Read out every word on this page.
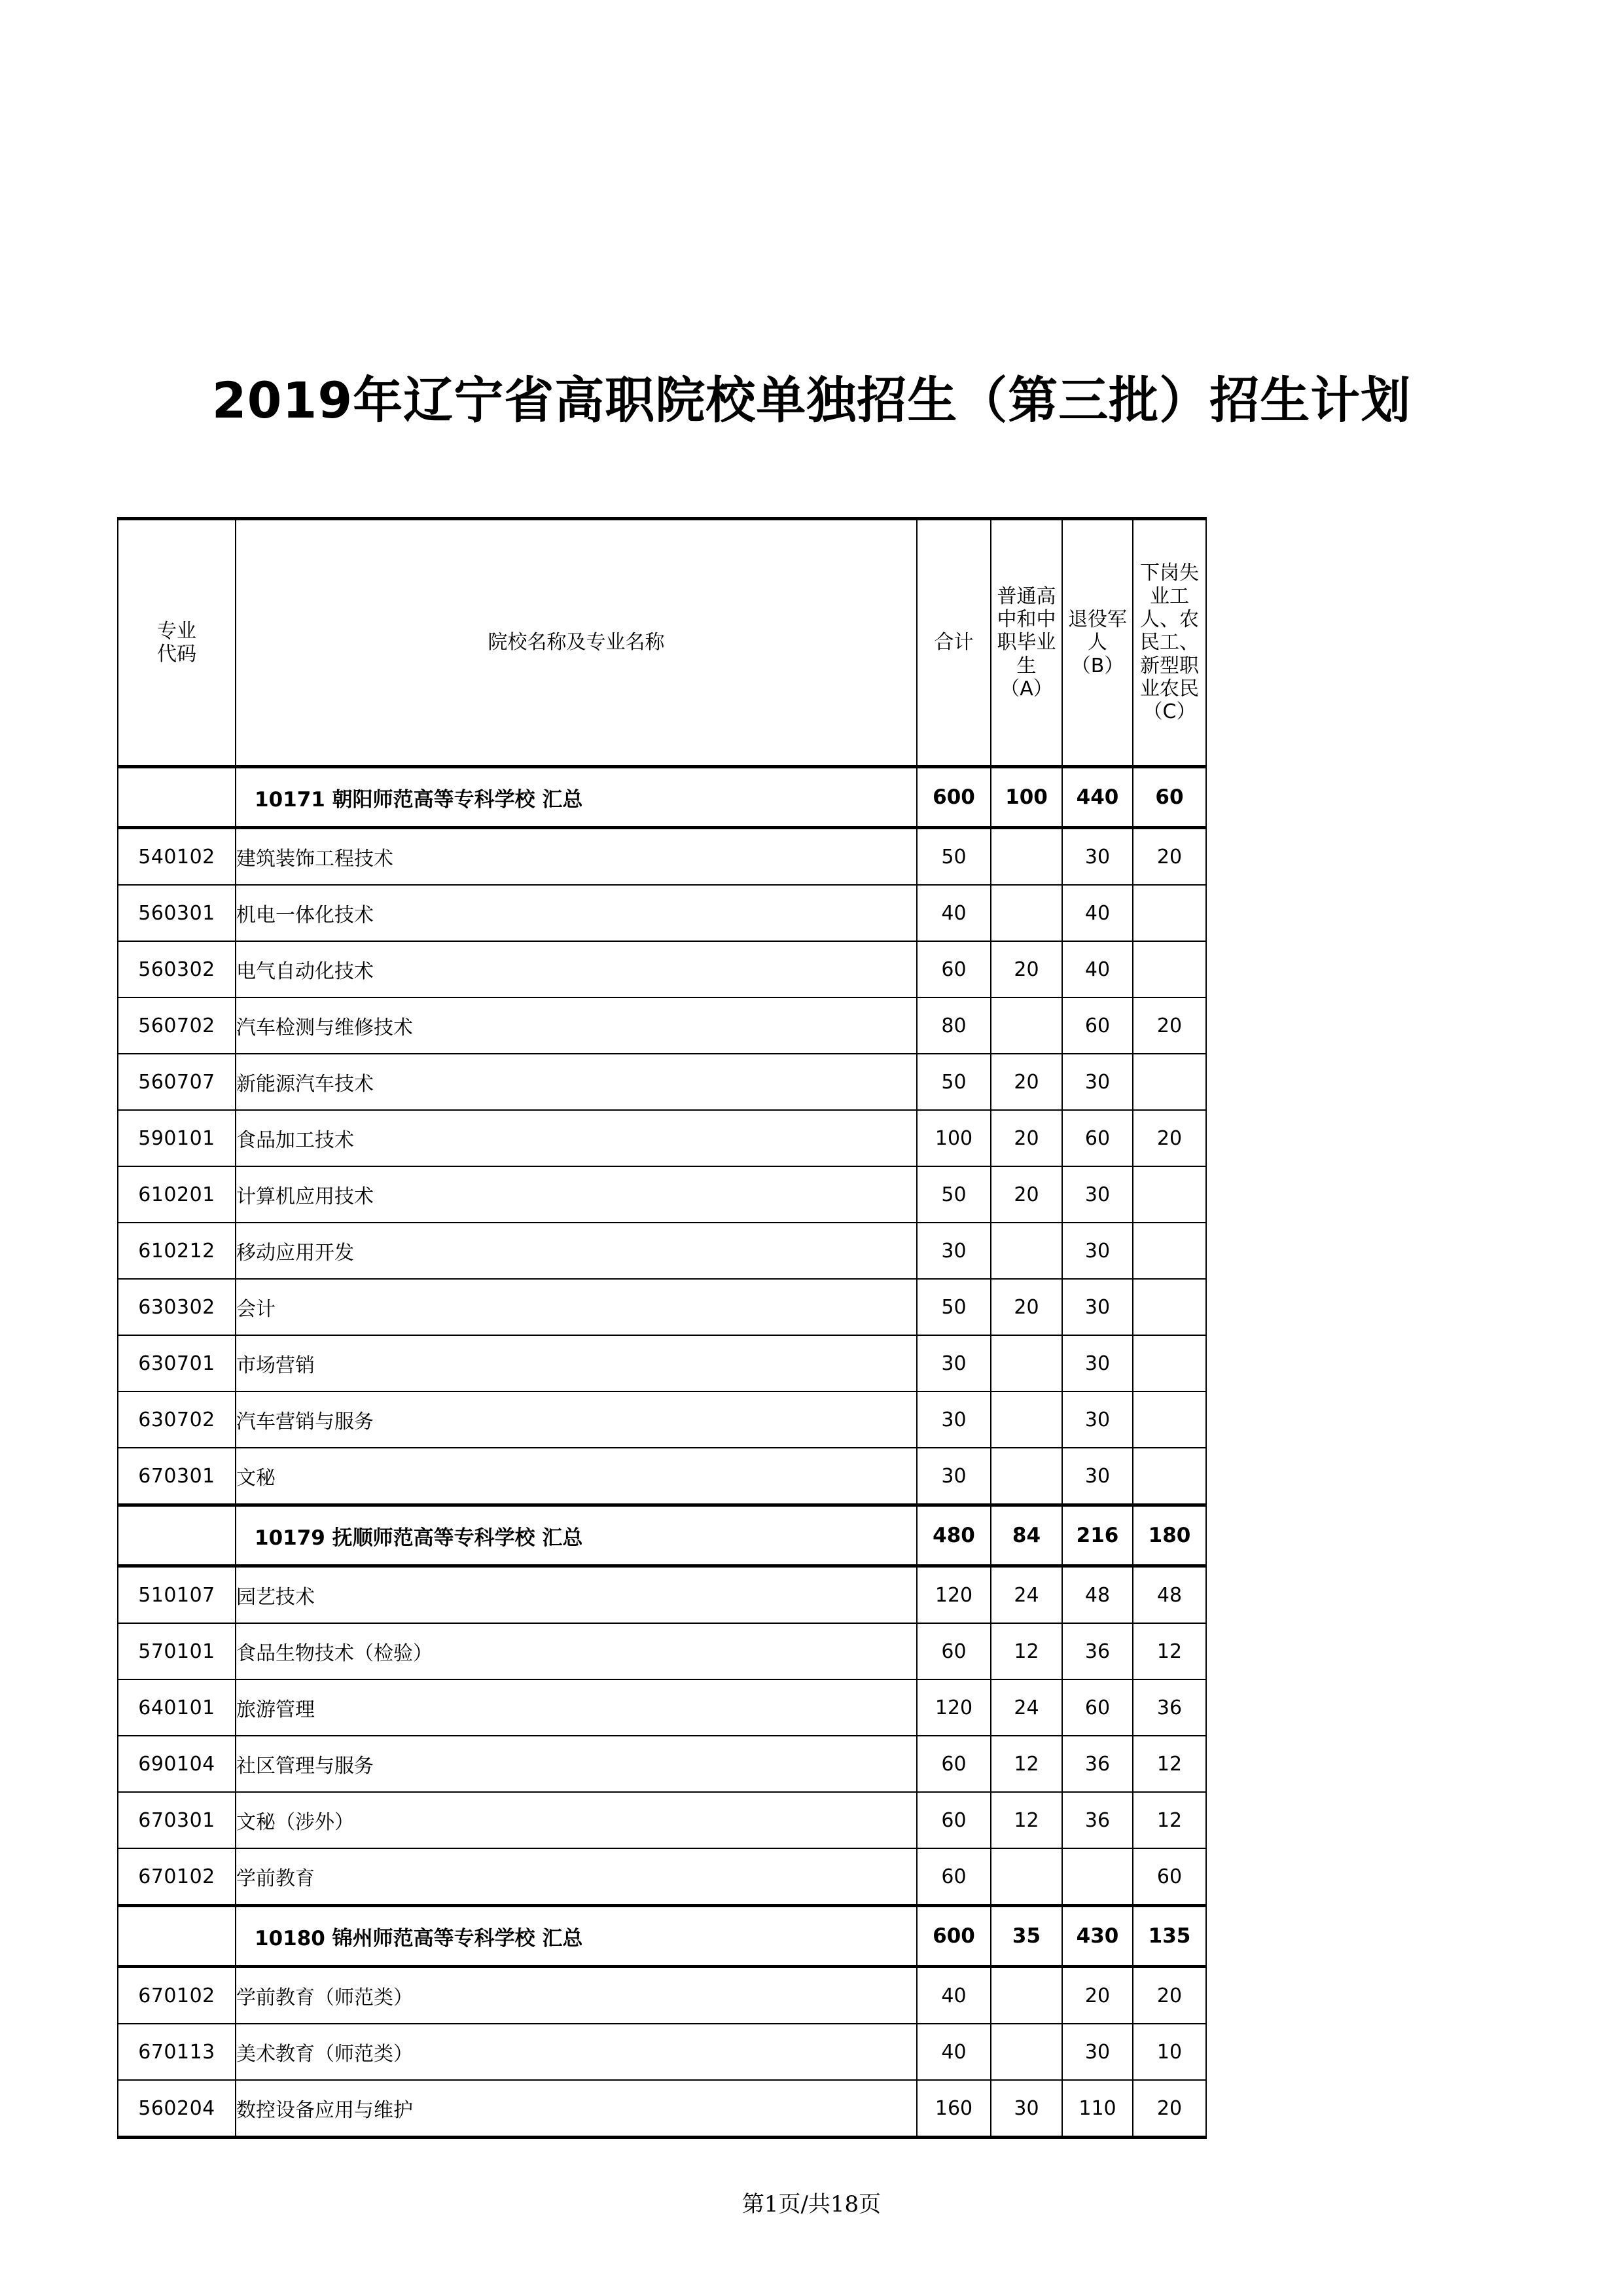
2019年辽宁省高职院校单独招生（第三批）招生计划
专业
代码	院校名称及专业名称	合计	普通高中和中职毕业生（A）	退役军人（B）	下岗失业工人、农民工、新型职业农民（C）

	10171 朝阳师范高等专科学校 汇总	600	100	440	60
540102	建筑装饰工程技术	50		30	20
560301	机电一体化技术	40		40	
560302	电气自动化技术	60	20	40	
560702	汽车检测与维修技术	80		60	20
560707	新能源汽车技术	50	20	30	
590101	食品加工技术	100	20	60	20
610201	计算机应用技术	50	20	30	
610212	移动应用开发	30		30	
630302	会计	50	20	30	
630701	市场营销	30		30	
630702	汽车营销与服务	30		30	
670301	文秘	30		30	
	10179 抚顺师范高等专科学校 汇总	480	84	216	180
510107	园艺技术	120	24	48	48
570101	食品生物技术（检验）	60	12	36	12
640101	旅游管理	120	24	60	36
690104	社区管理与服务	60	12	36	12
670301	文秘（涉外）	60	12	36	12
670102	学前教育	60			60
	10180 锦州师范高等专科学校 汇总	600	35	430	135
670102	学前教育（师范类）	40		20	20
670113	美术教育（师范类）	40		30	10
560204	数控设备应用与维护	160	30	110	20
第1页/共18页
